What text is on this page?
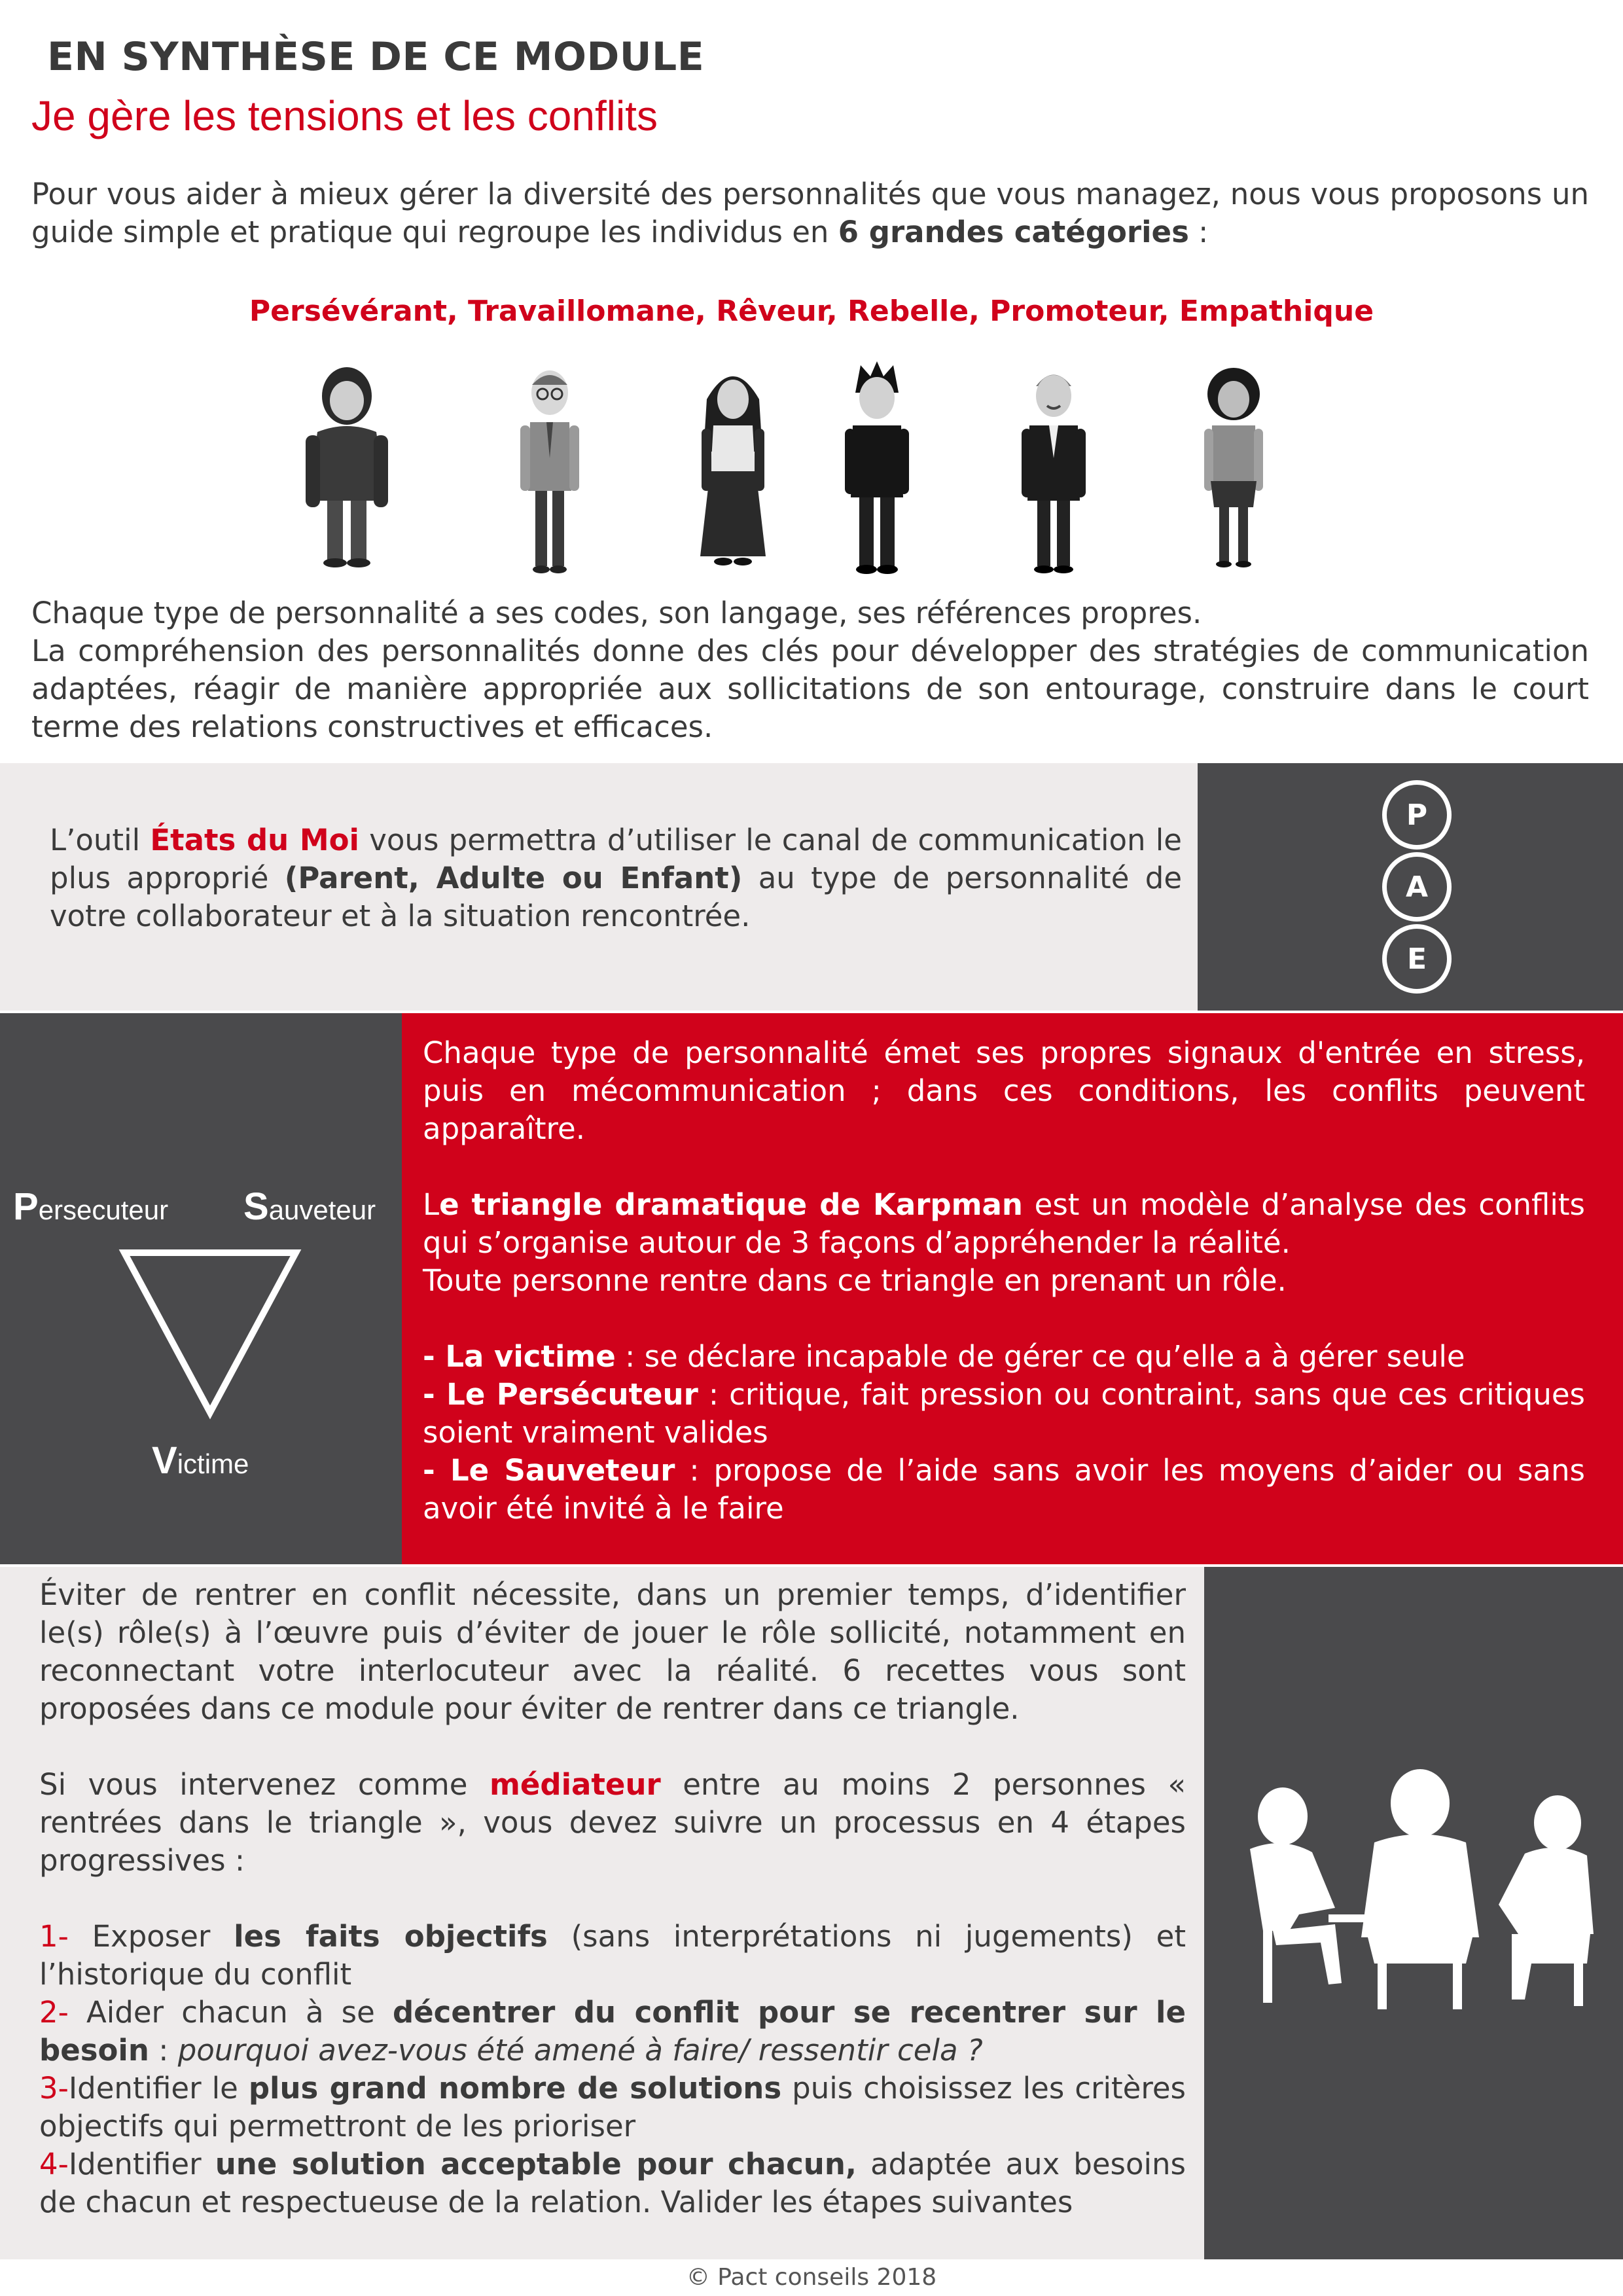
EN SYNTHÈSE DE CE MODULE
Je gère les tensions et les conflits
Pour vous aider à mieux gérer la diversité des personnalités que vous managez, nous vous proposons un guide simple et pratique qui regroupe les individus en 6 grandes catégories :
Persévérant, Travaillomane, Rêveur, Rebelle, Promoteur, Empathique
Chaque type de personnalité a ses codes, son langage, ses références propres.
La compréhension des personnalités donne des clés pour développer des stratégies de communication adaptées, réagir de manière appropriée aux sollicitations de son entourage, construire dans le court terme des relations constructives et efficaces.
L’outil États du Moi vous permettra d’utiliser le canal de communication le plus approprié (Parent, Adulte ou Enfant) au type de personnalité de votre collaborateur et à la situation rencontrée.
P
A
E
Persecuteur Sauveteur
Victime
Chaque type de personnalité émet ses propres signaux d'entrée en stress, puis en mécommunication ; dans ces conditions, les conflits peuvent apparaître.
Le triangle dramatique de Karpman est un modèle d’analyse des conflits qui s’organise autour de 3 façons d’appréhender la réalité.
Toute personne rentre dans ce triangle en prenant un rôle.
- La victime : se déclare incapable de gérer ce qu’elle a à gérer seule
- Le Persécuteur : critique, fait pression ou contraint, sans que ces critiques soient vraiment valides
- Le Sauveteur : propose de l’aide sans avoir les moyens d’aider ou sans avoir été invité à le faire
Éviter de rentrer en conflit nécessite, dans un premier temps, d’identifier le(s) rôle(s) à l’œuvre puis d’éviter de jouer le rôle sollicité, notamment en reconnectant votre interlocuteur avec la réalité. 6 recettes vous sont proposées dans ce module pour éviter de rentrer dans ce triangle.
Si vous intervenez comme médiateur entre au moins 2 personnes « rentrées dans le triangle », vous devez suivre un processus en 4 étapes progressives :
1- Exposer les faits objectifs (sans interprétations ni jugements) et l’historique du conflit
2- Aider chacun à se décentrer du conflit pour se recentrer sur le besoin : pourquoi avez-vous été amené à faire/ ressentir cela ?
3-Identifier le plus grand nombre de solutions puis choisissez les critères objectifs qui permettront de les prioriser
4-Identifier une solution acceptable pour chacun, adaptée aux besoins de chacun et respectueuse de la relation. Valider les étapes suivantes
© Pact conseils 2018
